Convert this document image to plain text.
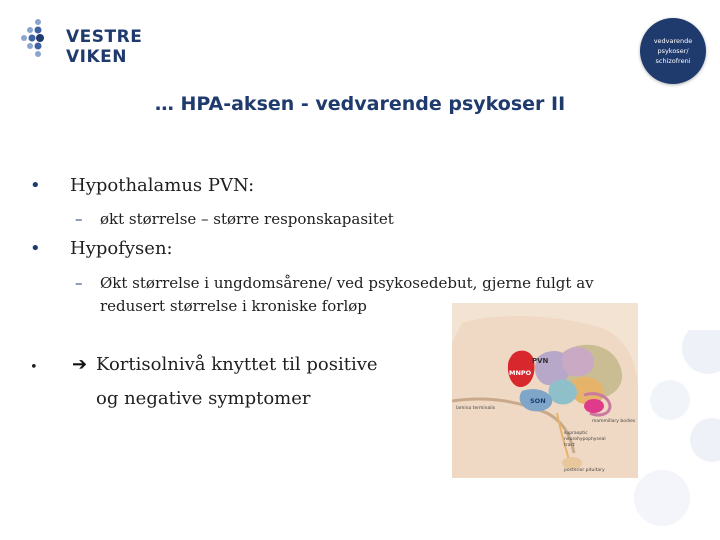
VESTRE VIKEN
vedvarende psykoser/ schizofreni
… HPA-aksen - vedvarende psykoser II
• Hypothalamus PVN:
– økt størrelse – større responskapasitet
• Hypofysen:
– Økt størrelse i ungdomsårene/ ved psykosedebut, gjerne fulgt av
redusert størrelse i kroniske forløp
• ➔ Kortisolnivå knyttet til positive
og negative symptomer
PVN
MNPO
SON
lamina terminalis
mammillary bodies
supraoptic
neurohypophyseal
tract
posterior pituitary
